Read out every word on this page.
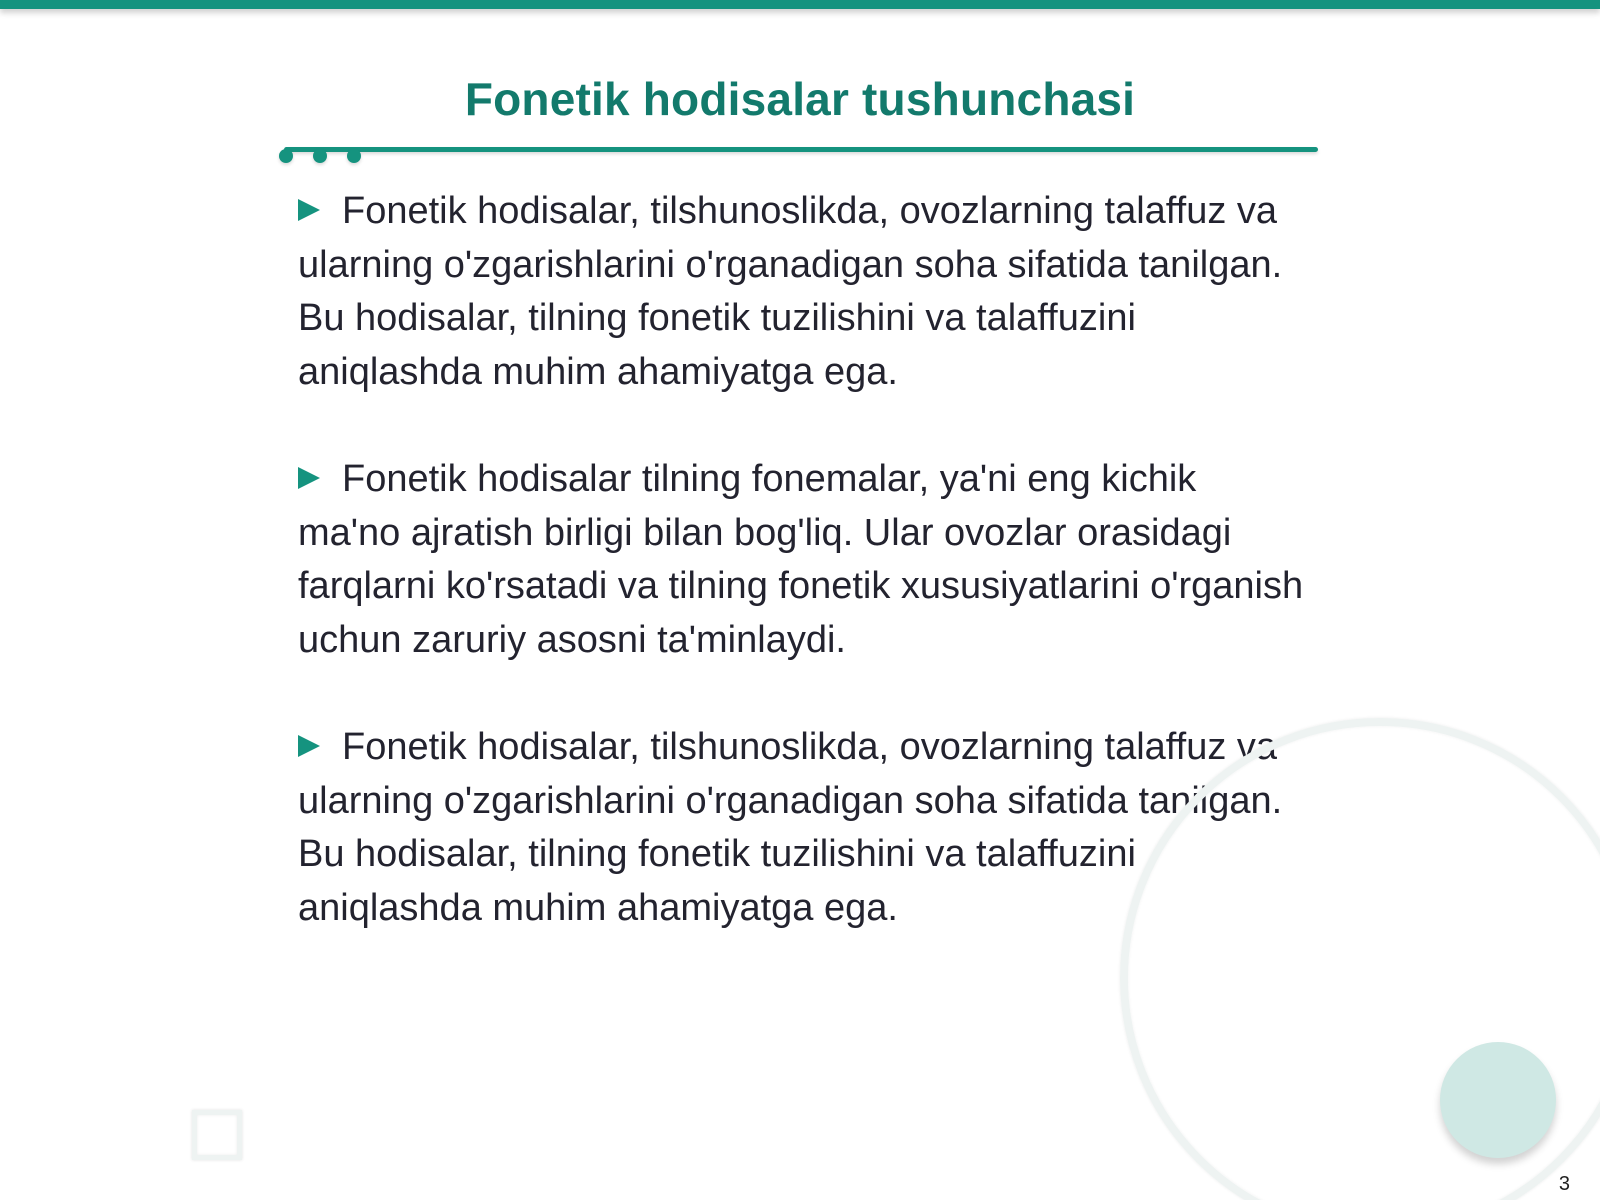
Fonetik hodisalar tushunchasi

Fonetik hodisalar, tilshunoslikda, ovozlarning talaffuz va ularning o'zgarishlarini o'rganadigan soha sifatida tanilgan. Bu hodisalar, tilning fonetik tuzilishini va talaffuzini aniqlashda muhim ahamiyatga ega.

Fonetik hodisalar tilning fonemalar, ya'ni eng kichik ma'no ajratish birligi bilan bog'liq. Ular ovozlar orasidagi farqlarni ko'rsatadi va tilning fonetik xususiyatlarini o'rganish uchun zaruriy asosni ta'minlaydi.

Fonetik hodisalar, tilshunoslikda, ovozlarning talaffuz va ularning o'zgarishlarini o'rganadigan soha sifatida tanilgan. Bu hodisalar, tilning fonetik tuzilishini va talaffuzini aniqlashda muhim ahamiyatga ega.

3
